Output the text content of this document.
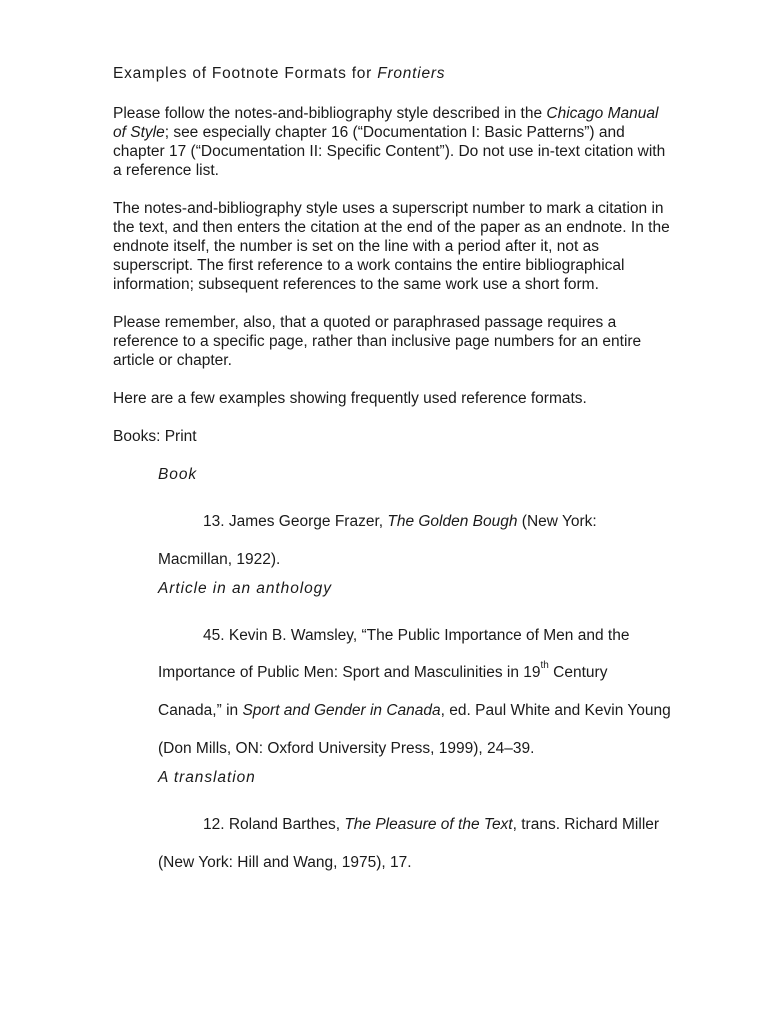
Examples of Footnote Formats for Frontiers

Please follow the notes-and-bibliography style described in the Chicago Manual of Style; see especially chapter 16 (“Documentation I: Basic Patterns”) and chapter 17 (“Documentation II: Specific Content”). Do not use in-text citation with a reference list.

The notes-and-bibliography style uses a superscript number to mark a citation in the text, and then enters the citation at the end of the paper as an endnote. In the endnote itself, the number is set on the line with a period after it, not as superscript. The first reference to a work contains the entire bibliographical information; subsequent references to the same work use a short form.

Please remember, also, that a quoted or paraphrased passage requires a reference to a specific page, rather than inclusive page numbers for an entire article or chapter.

Here are a few examples showing frequently used reference formats.

Books: Print

Book

13. James George Frazer, The Golden Bough (New York: Macmillan, 1922).

Article in an anthology

45. Kevin B. Wamsley, “The Public Importance of Men and the Importance of Public Men: Sport and Masculinities in 19th Century Canada,” in Sport and Gender in Canada, ed. Paul White and Kevin Young (Don Mills, ON: Oxford University Press, 1999), 24–39.

A translation

12. Roland Barthes, The Pleasure of the Text, trans. Richard Miller (New York: Hill and Wang, 1975), 17.
